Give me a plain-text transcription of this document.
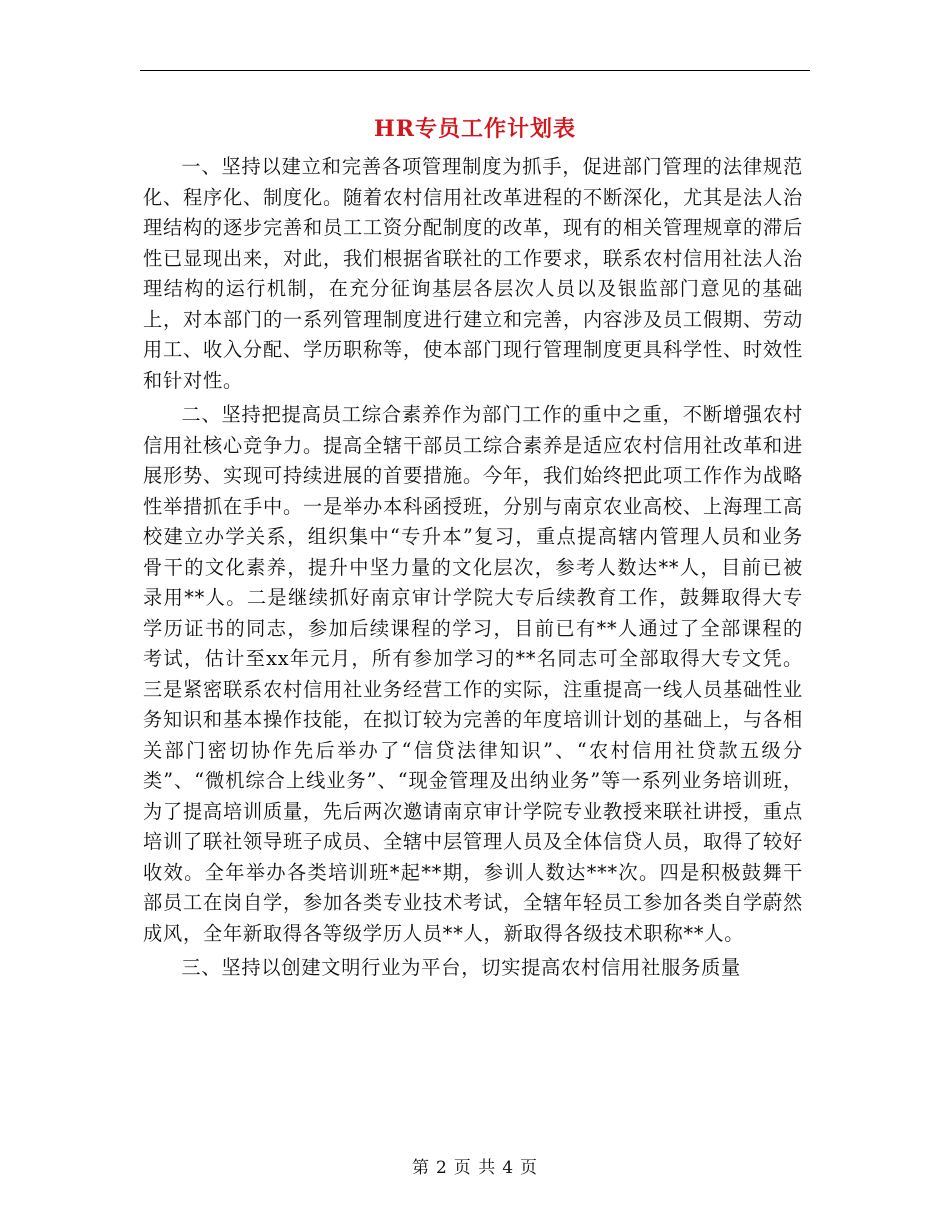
HR专员工作计划表

一、坚持以建立和完善各项管理制度为抓手，促进部门管理的法律规范化、程序化、制度化。随着农村信用社改革进程的不断深化，尤其是法人治理结构的逐步完善和员工工资分配制度的改革，现有的相关管理规章的滞后性已显现出来，对此，我们根据省联社的工作要求，联系农村信用社法人治理结构的运行机制，在充分征询基层各层次人员以及银监部门意见的基础上，对本部门的一系列管理制度进行建立和完善，内容涉及员工假期、劳动用工、收入分配、学历职称等，使本部门现行管理制度更具科学性、时效性和针对性。

二、坚持把提高员工综合素养作为部门工作的重中之重，不断增强农村信用社核心竞争力。提高全辖干部员工综合素养是适应农村信用社改革和进展形势、实现可持续进展的首要措施。今年，我们始终把此项工作作为战略性举措抓在手中。一是举办本科函授班，分别与南京农业高校、上海理工高校建立办学关系，组织集中“专升本”复习，重点提高辖内管理人员和业务骨干的文化素养，提升中坚力量的文化层次，参考人数达**人，目前已被录用**人。二是继续抓好南京审计学院大专后续教育工作，鼓舞取得大专学历证书的同志，参加后续课程的学习，目前已有**人通过了全部课程的考试，估计至xx年元月，所有参加学习的**名同志可全部取得大专文凭。三是紧密联系农村信用社业务经营工作的实际，注重提高一线人员基础性业务知识和基本操作技能，在拟订较为完善的年度培训计划的基础上，与各相关部门密切协作先后举办了“信贷法律知识”、“农村信用社贷款五级分类”、“微机综合上线业务”、“现金管理及出纳业务”等一系列业务培训班，为了提高培训质量，先后两次邀请南京审计学院专业教授来联社讲授，重点培训了联社领导班子成员、全辖中层管理人员及全体信贷人员，取得了较好收效。全年举办各类培训班*起**期，参训人数达***次。四是积极鼓舞干部员工在岗自学，参加各类专业技术考试，全辖年轻员工参加各类自学蔚然成风，全年新取得各等级学历人员**人，新取得各级技术职称**人。

三、坚持以创建文明行业为平台，切实提高农村信用社服务质量

第 2 页 共 4 页
